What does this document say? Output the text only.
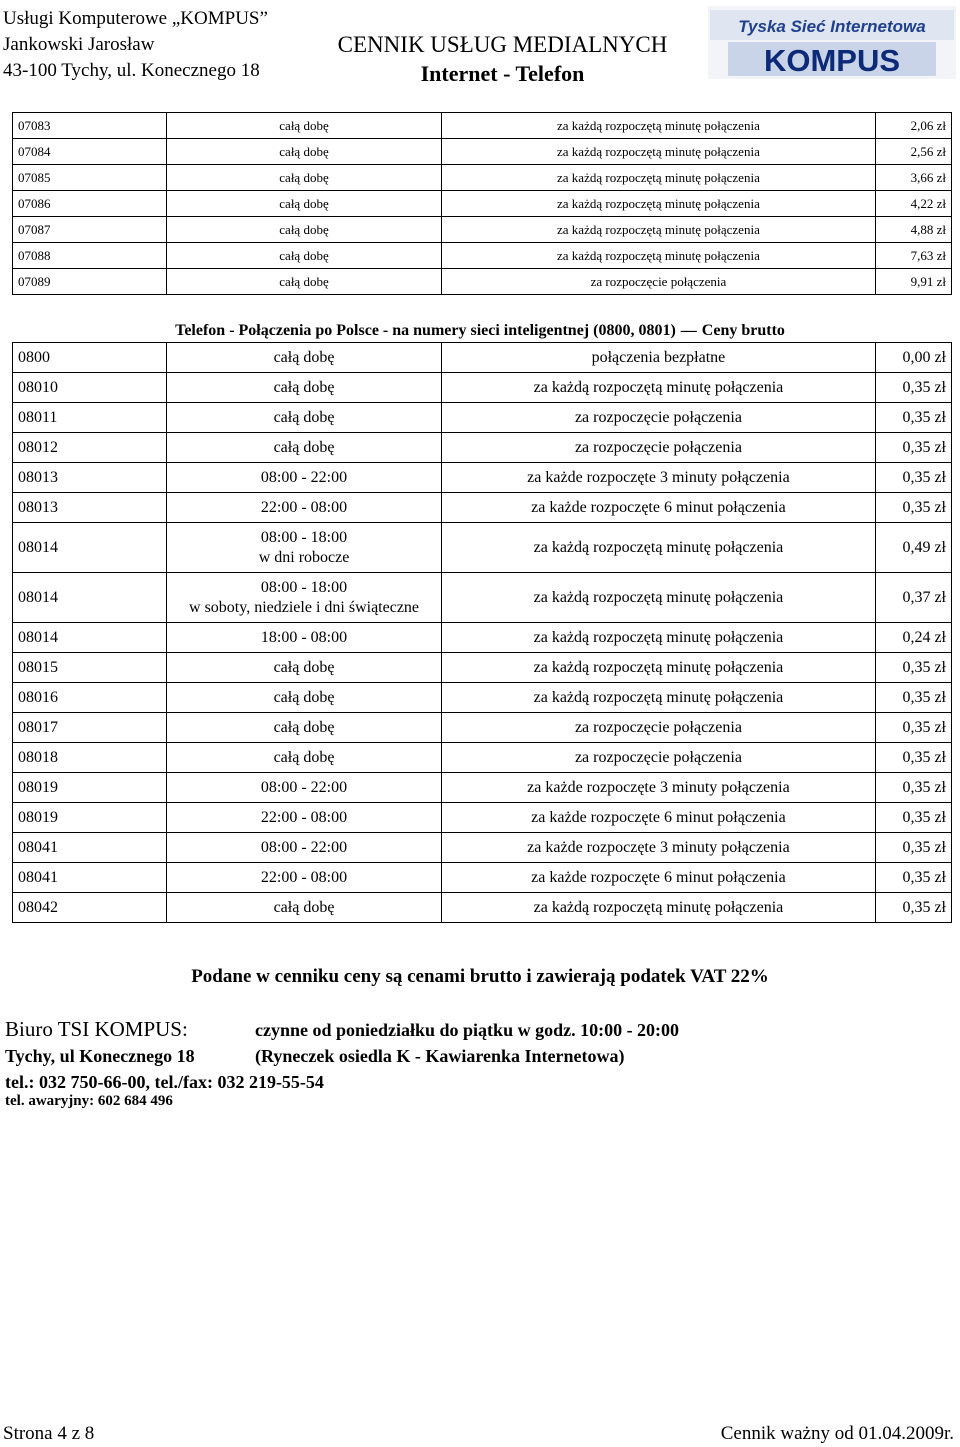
Usługi Komputerowe „KOMPUS”
Jankowski Jarosław
43-100 Tychy, ul. Konecznego 18
CENNIK USŁUG MEDIALNYCH
Internet - Telefon
Tyska Sieć Internetowa
KOMPUS
07083	całą dobę	za każdą rozpoczętą minutę połączenia	2,06 zł
07084	całą dobę	za każdą rozpoczętą minutę połączenia	2,56 zł
07085	całą dobę	za każdą rozpoczętą minutę połączenia	3,66 zł
07086	całą dobę	za każdą rozpoczętą minutę połączenia	4,22 zł
07087	całą dobę	za każdą rozpoczętą minutę połączenia	4,88 zł
07088	całą dobę	za każdą rozpoczętą minutę połączenia	7,63 zł
07089	całą dobę	za rozpoczęcie połączenia	9,91 zł
Telefon - Połączenia po Polsce - na numery sieci inteligentnej (0800, 0801) — Ceny brutto
0800	całą dobę	połączenia bezpłatne	0,00 zł
08010	całą dobę	za każdą rozpoczętą minutę połączenia	0,35 zł
08011	całą dobę	za rozpoczęcie połączenia	0,35 zł
08012	całą dobę	za rozpoczęcie połączenia	0,35 zł
08013	08:00 - 22:00	za każde rozpoczęte 3 minuty połączenia	0,35 zł
08013	22:00 - 08:00	za każde rozpoczęte 6 minut połączenia	0,35 zł
08014	08:00 - 18:00
w dni robocze	za każdą rozpoczętą minutę połączenia	0,49 zł
08014	08:00 - 18:00
w soboty, niedziele i dni świąteczne	za każdą rozpoczętą minutę połączenia	0,37 zł
08014	18:00 - 08:00	za każdą rozpoczętą minutę połączenia	0,24 zł
08015	całą dobę	za każdą rozpoczętą minutę połączenia	0,35 zł
08016	całą dobę	za każdą rozpoczętą minutę połączenia	0,35 zł
08017	całą dobę	za rozpoczęcie połączenia	0,35 zł
08018	całą dobę	za rozpoczęcie połączenia	0,35 zł
08019	08:00 - 22:00	za każde rozpoczęte 3 minuty połączenia	0,35 zł
08019	22:00 - 08:00	za każde rozpoczęte 6 minut połączenia	0,35 zł
08041	08:00 - 22:00	za każde rozpoczęte 3 minuty połączenia	0,35 zł
08041	22:00 - 08:00	za każde rozpoczęte 6 minut połączenia	0,35 zł
08042	całą dobę	za każdą rozpoczętą minutę połączenia	0,35 zł
Podane w cenniku ceny są cenami brutto i zawierają podatek VAT 22%
Biuro TSI KOMPUS:	czynne od poniedziałku do piątku w godz. 10:00 - 20:00
Tychy, ul Konecznego 18	(Ryneczek osiedla K - Kawiarenka Internetowa)
tel.: 032 750-66-00, tel./fax: 032 219-55-54
tel. awaryjny: 602 684 496
Strona 4 z 8	Cennik ważny od 01.04.2009r.
